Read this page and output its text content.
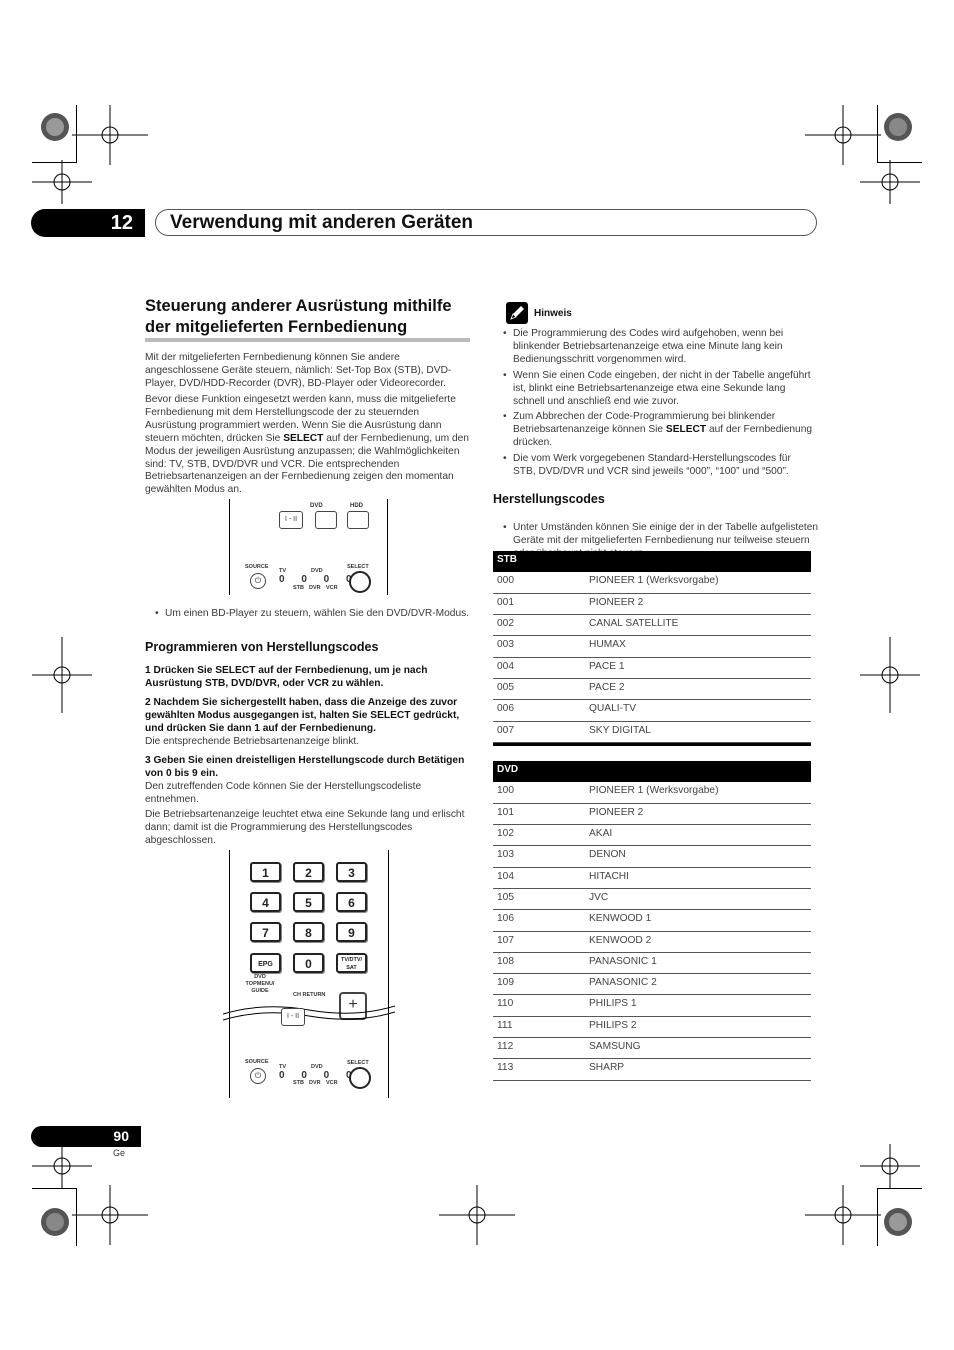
12	Verwendung mit anderen Geräten
Steuerung anderer Ausrüstung mithilfe
der mitgelieferten Fernbedienung
Mit der mitgelieferten Fernbedienung können Sie andere angeschlossene Geräte steuern, nämlich: Set-Top Box (STB), DVD-Player, DVD/HDD-Recorder (DVR), BD-Player oder Videorecorder.
Bevor diese Funktion eingesetzt werden kann, muss die mitgelieferte Fernbedienung mit dem Herstellungscode der zu steuernden Ausrüstung programmiert werden. Wenn Sie die Ausrüstung dann steuern möchten, drücken Sie SELECT auf der Fernbedienung, um den Modus der jeweiligen Ausrüstung anzupassen; die Wahlmöglichkeiten sind: TV, STB, DVD/DVR und VCR. Die entsprechenden Betriebsartenanzeigen an der Fernbedienung zeigen den momentan gewählten Modus an.
DVD	HDD
I - II
SOURCE
⏻
TV	DVD
0 0 0 0
STB DVR VCR
SELECT
• Um einen BD-Player zu steuern, wählen Sie den DVD/DVR-Modus.
Programmieren von Herstellungscodes
1 Drücken Sie SELECT auf der Fernbedienung, um je nach Ausrüstung STB, DVD/DVR, oder VCR zu wählen.
2 Nachdem Sie sichergestellt haben, dass die Anzeige des zuvor gewählten Modus ausgegangen ist, halten Sie SELECT gedrückt, und drücken Sie dann 1 auf der Fernbedienung.
Die entsprechende Betriebsartenanzeige blinkt.
3 Geben Sie einen dreistelligen Herstellungscode durch Betätigen von 0 bis 9 ein.
Den zutreffenden Code können Sie der Herstellungscodeliste entnehmen.
Die Betriebsartenanzeige leuchtet etwa eine Sekunde lang und erlischt dann; damit ist die Programmierung des Herstellungscodes abgeschlossen.
1	2	3
4	5	6
7	8	9
EPG	0	TV/DTV/ SAT
DVD TOPMENU/ GUIDE
CH RETURN
+
I - II
SOURCE
⏻
TV	DVD
0 0 0 0
STB DVR VCR
SELECT
Hinweis
• Die Programmierung des Codes wird aufgehoben, wenn bei blinkender Betriebsartenanzeige etwa eine Minute lang kein Bedienungsschritt vorgenommen wird.
• Wenn Sie einen Code eingeben, der nicht in der Tabelle angeführt ist, blinkt eine Betriebsartenanzeige etwa eine Sekunde lang schnell und anschließ end wie zuvor.
• Zum Abbrechen der Code-Programmierung bei blinkender Betriebsartenanzeige können Sie SELECT auf der Fernbedienung drücken.
• Die vom Werk vorgegebenen Standard-Herstellungscodes für STB, DVD/DVR und VCR sind jeweils “000”, “100” und “500”.
Herstellungscodes
• Unter Umständen können Sie einige der in der Tabelle aufgelisteten Geräte mit der mitgelieferten Fernbedienung nur teilweise steuern
STB
000	PIONEER 1 (Werksvorgabe)
001	PIONEER 2
002	CANAL SATELLITE
003	HUMAX
004	PACE 1
005	PACE 2
006	QUALI-TV
007	SKY DIGITAL
DVD
100	PIONEER 1 (Werksvorgabe)
101	PIONEER 2
102	AKAI
103	DENON
104	HITACHI
105	JVC
106	KENWOOD 1
107	KENWOOD 2
108	PANASONIC 1
109	PANASONIC 2
110	PHILIPS 1
111	PHILIPS 2
112	SAMSUNG
113	SHARP
90
Ge
